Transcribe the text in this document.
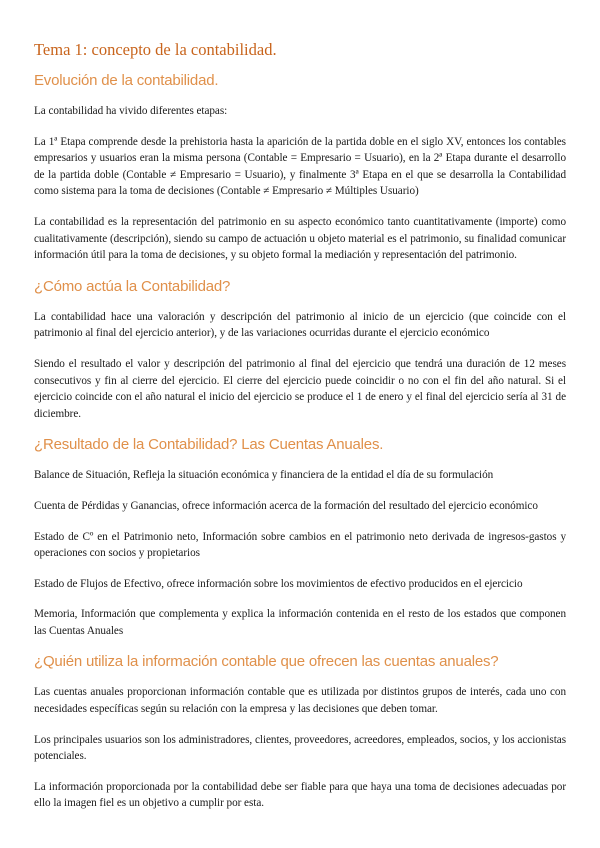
Tema 1: concepto de la contabilidad.
Evolución de la contabilidad.

La contabilidad ha vivido diferentes etapas:

La 1ª Etapa comprende desde la prehistoria hasta la aparición de la partida doble en el siglo XV, entonces los contables empresarios y usuarios eran la misma persona (Contable = Empresario = Usuario), en la 2ª Etapa durante el desarrollo de la partida doble (Contable ≠ Empresario = Usuario), y finalmente 3ª Etapa en el que se desarrolla la Contabilidad como sistema para la toma de decisiones (Contable ≠ Empresario ≠ Múltiples Usuario)

La contabilidad es la representación del patrimonio en su aspecto económico tanto cuantitativamente (importe) como cualitativamente (descripción), siendo su campo de actuación u objeto material es el patrimonio, su finalidad comunicar información útil para la toma de decisiones, y su objeto formal la mediación y representación del patrimonio.

¿Cómo actúa la Contabilidad?

La contabilidad hace una valoración y descripción del patrimonio al inicio de un ejercicio (que coincide con el patrimonio al final del ejercicio anterior), y de las variaciones ocurridas durante el ejercicio económico

Siendo el resultado el valor y descripción del patrimonio al final del ejercicio que tendrá una duración de 12 meses consecutivos y fin al cierre del ejercicio. El cierre del ejercicio puede coincidir o no con el fin del año natural. Si el ejercicio coincide con el año natural el inicio del ejercicio se produce el 1 de enero y el final del ejercicio sería al 31 de diciembre.

¿Resultado de la Contabilidad? Las Cuentas Anuales.

Balance de Situación, Refleja la situación económica y financiera de la entidad el día de su formulación

Cuenta de Pérdidas y Ganancias, ofrece información acerca de la formación del resultado del ejercicio económico

Estado de Cº en el Patrimonio neto, Información sobre cambios en el patrimonio neto derivada de ingresos-gastos y operaciones con socios y propietarios

Estado de Flujos de Efectivo, ofrece información sobre los movimientos de efectivo producidos en el ejercicio

Memoria, Información que complementa y explica la información contenida en el resto de los estados que componen las Cuentas Anuales

¿Quién utiliza la información contable que ofrecen las cuentas anuales?

Las cuentas anuales proporcionan información contable que es utilizada por distintos grupos de interés, cada uno con necesidades específicas según su relación con la empresa y las decisiones que deben tomar.

Los principales usuarios son los administradores, clientes, proveedores, acreedores, empleados, socios, y los accionistas potenciales.

La información proporcionada por la contabilidad debe ser fiable para que haya una toma de decisiones adecuadas por ello la imagen fiel es un objetivo a cumplir por esta.
